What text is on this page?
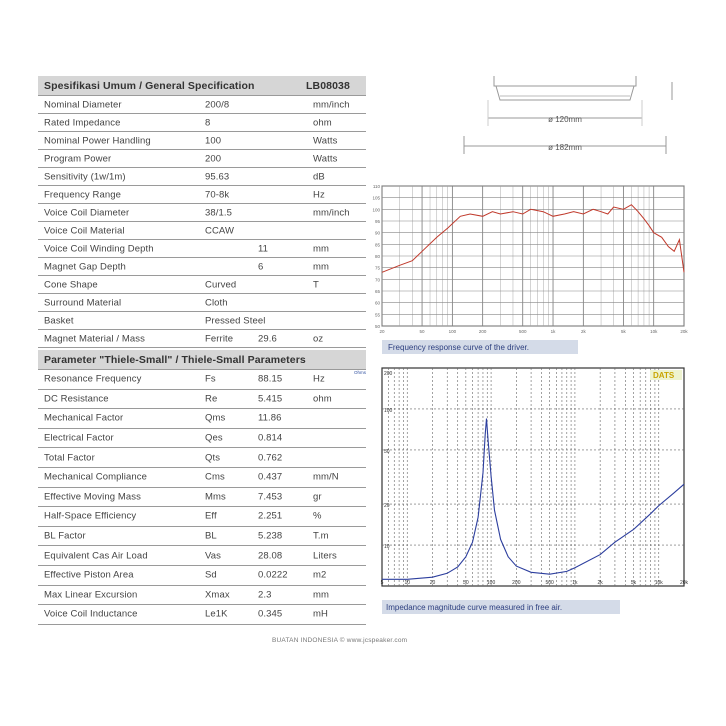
Spesifikasi Umum / General Specification	LB08038
Nominal Diameter	200/8	mm/inch
Rated Impedance	8	ohm
Nominal Power Handling	100	Watts
Program Power	200	Watts
Sensitivity (1w/1m)	95.63	dB
Frequency Range	70-8k	Hz
Voice Coil Diameter	38/1.5	mm/inch
Voice Coil Material	CCAW
Voice Coil Winding Depth	11	mm
Magnet Gap Depth	6	mm
Cone Shape	Curved	T
Surround Material	Cloth
Basket	Pressed Steel
Magnet Material / Mass	Ferrite	29.6	oz
Parameter "Thiele-Small" / Thiele-Small Parameters
Resonance Frequency	Fs	88.15	Hz
DC Resistance	Re	5.415	ohm
Mechanical Factor	Qms	11.86
Electrical Factor	Qes	0.814
Total Factor	Qts	0.762
Mechanical Compliance	Cms	0.437	mm/N
Effective Moving Mass	Mms	7.453	gr
Half-Space Efficiency	Eff	2.251	%
BL Factor	BL	5.238	T.m
Equivalent Cas Air Load	Vas	28.08	Liters
Effective Piston Area	Sd	0.0222	m2
Max Linear Excursion	Xmax	2.3	mm
Voice Coil Inductance	Le1K	0.345	mH
ø 120mm
ø 182mm
50
55
60
65
70
75
80
85
90
95
100
105
110
20	50	100	200	500	1k	2k	5k	10k	20k
Frequency response curve of the driver.
200
100
50
20
10
5	10	20	50	100	200	500	1k	2k	5k	10k	20k
Ohms	DATS
Impedance magnitude curve measured in free air.
BUATAN INDONESIA © www.jcspeaker.com
